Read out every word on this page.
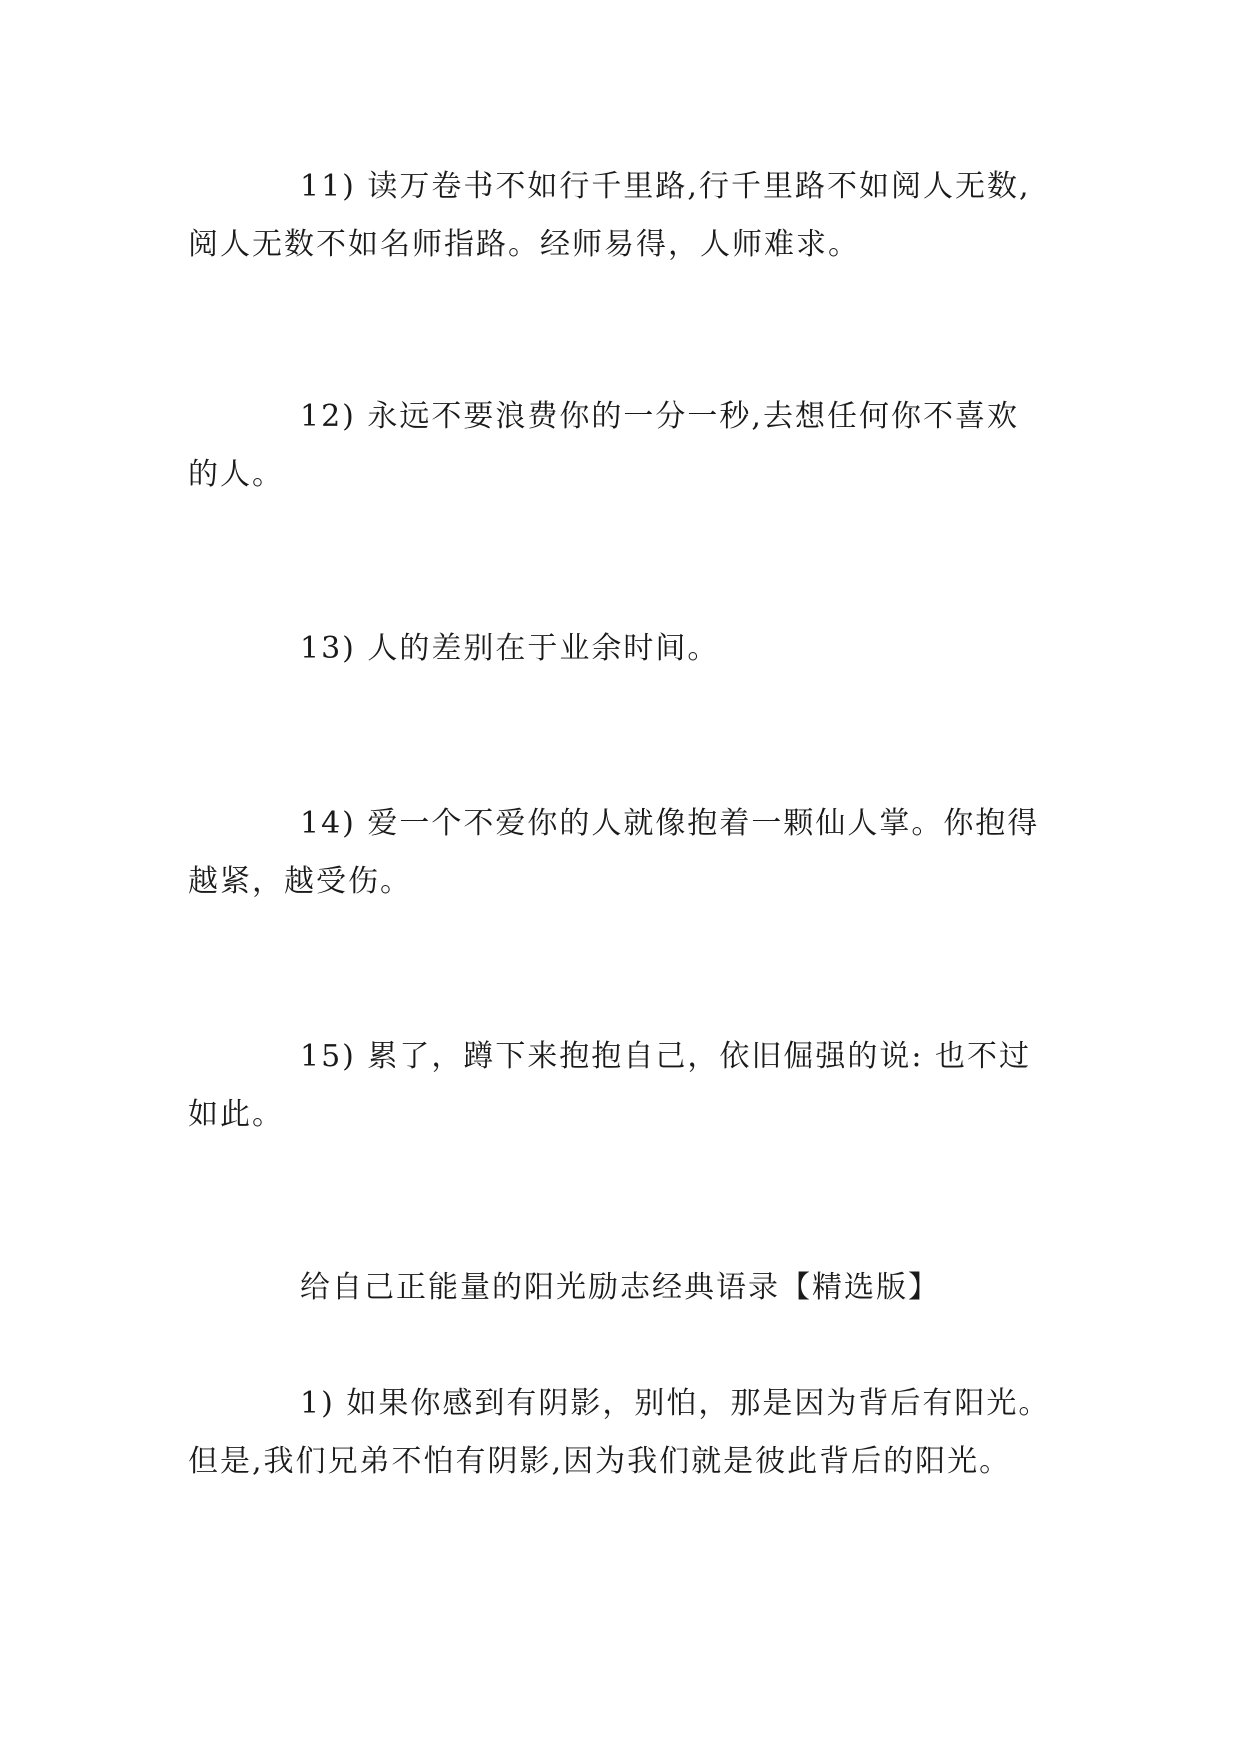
11) 读万卷书不如行千里路,行千里路不如阅人无数,
阅人无数不如名师指路。经师易得，人师难求。

12) 永远不要浪费你的一分一秒,去想任何你不喜欢
的人。

13) 人的差别在于业余时间。

14) 爱一个不爱你的人就像抱着一颗仙人掌。你抱得
越紧，越受伤。

15) 累了，蹲下来抱抱自己，依旧倔强的说: 也不过
如此。

给自己正能量的阳光励志经典语录【精选版】

1) 如果你感到有阴影，别怕，那是因为背后有阳光。
但是,我们兄弟不怕有阴影,因为我们就是彼此背后的阳光。
